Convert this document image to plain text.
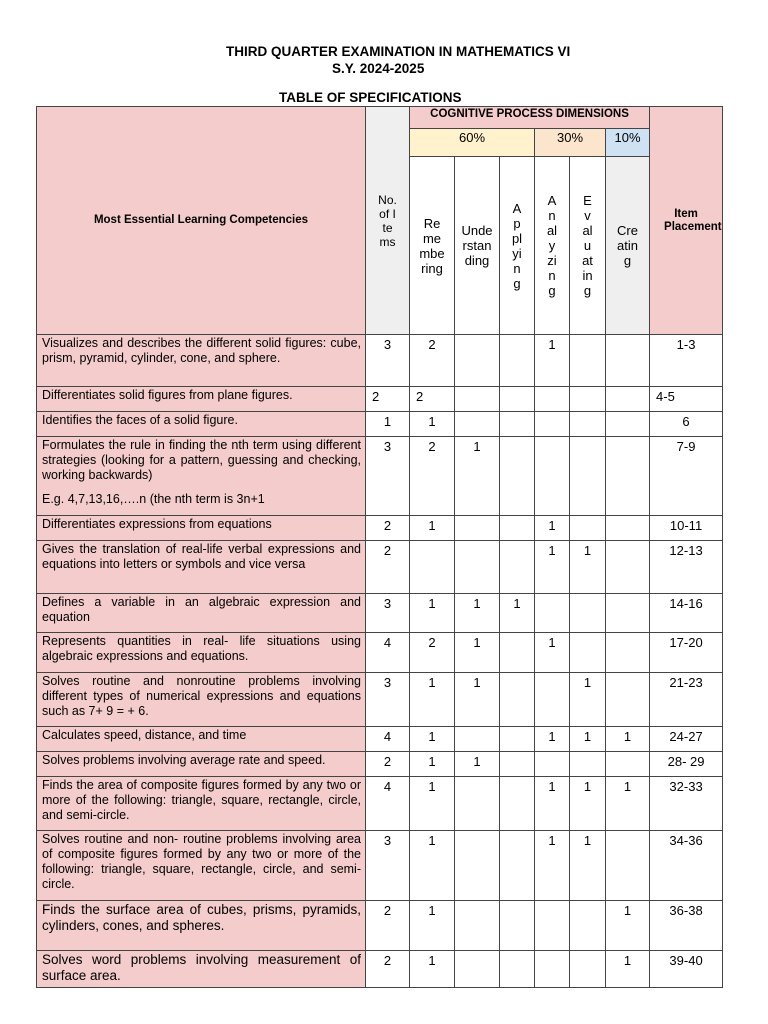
THIRD QUARTER EXAMINATION IN MATHEMATICS VI
S.Y. 2024-2025
TABLE OF SPECIFICATIONS
Most Essential Learning Competencies	No. of Items	COGNITIVE PROCESS DIMENSIONS						Item Placement
		60%			30%		10%	
		Remembering	Understanding	Applying	Analyzing	Evaluating	Creating	
Visualizes and describes the different solid figures: cube, prism, pyramid, cylinder, cone, and sphere.	3	2			1			1-3
Differentiates solid figures from plane figures.	2	2						4-5
Identifies the faces of a solid figure.	1	1						6
Formulates the rule in finding the nth term using different strategies (looking for a pattern, guessing and checking, working backwards)
E.g. 4,7,13,16,….n (the nth term is 3n+1	3	2	1					7-9
Differentiates expressions from equations	2	1			1			10-11
Gives the translation of real-life verbal expressions and equations into letters or symbols and vice versa	2				1	1		12-13
Defines a variable in an algebraic expression and equation	3	1	1	1				14-16
Represents quantities in real- life situations using algebraic expressions and equations.	4	2	1		1			17-20
Solves routine and nonroutine problems involving different types of numerical expressions and equations such as 7+ 9 = + 6.	3	1	1			1		21-23
Calculates speed, distance, and time	4	1			1	1	1	24-27
Solves problems involving average rate and speed.	2	1	1					28- 29
Finds the area of composite figures formed by any two or more of the following: triangle, square, rectangle, circle, and semi-circle.	4	1			1	1	1	32-33
Solves routine and non- routine problems involving area of composite figures formed by any two or more of the following: triangle, square, rectangle, circle, and semi- circle.	3	1			1	1		34-36
Finds the surface area of cubes, prisms, pyramids, cylinders, cones, and spheres.	2	1					1	36-38
Solves word problems involving measurement of surface area.	2	1					1	39-40
